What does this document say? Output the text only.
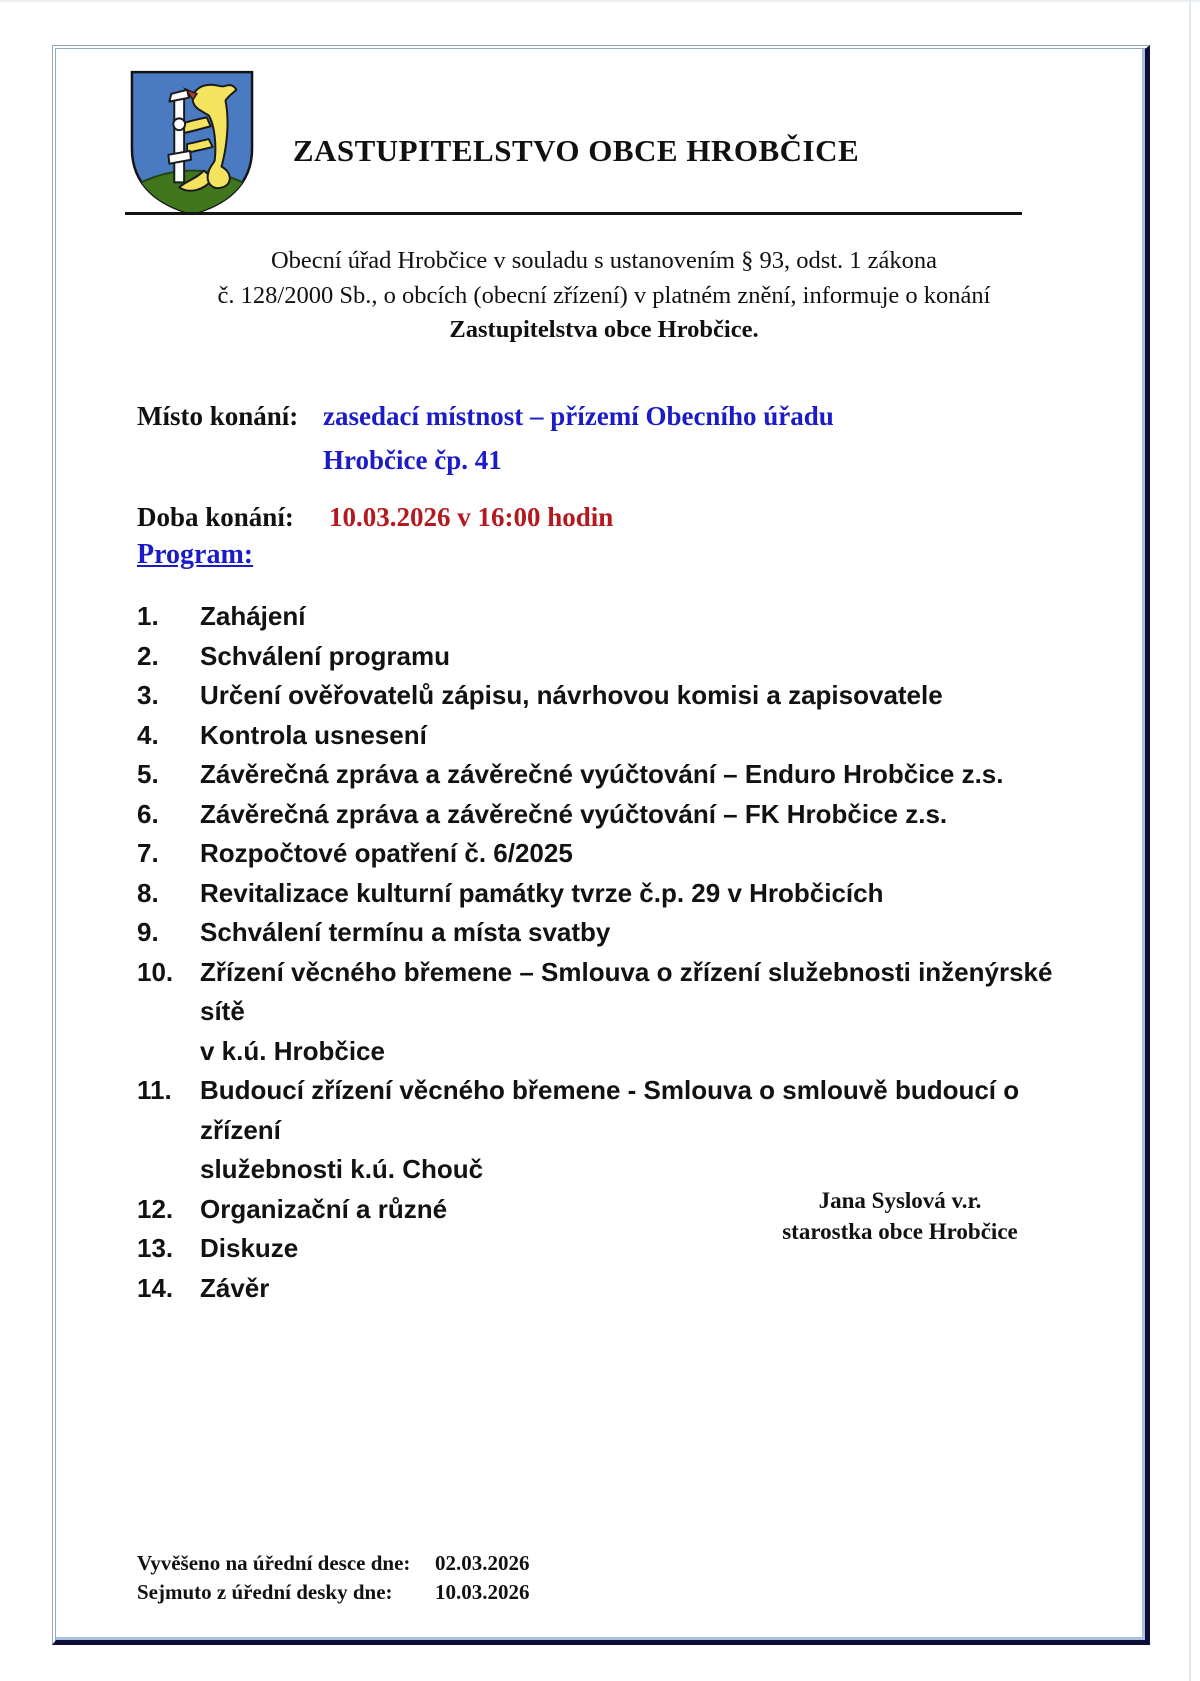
ZASTUPITELSTVO OBCE HROBČICE
Obecní úřad Hrobčice v souladu s ustanovením § 93, odst. 1 zákona
č. 128/2000 Sb., o obcích (obecní zřízení) v platném znění, informuje o konání
Zastupitelstva obce Hrobčice.
Místo konání: zasedací místnost – přízemí Obecního úřadu
Hrobčice čp. 41
Doba konání:	10.03.2026 v 16:00 hodin
Program:
1.	Zahájení
2.	Schválení programu
3.	Určení ověřovatelů zápisu, návrhovou komisi a zapisovatele
4.	Kontrola usnesení
5.	Závěrečná zpráva a závěrečné vyúčtování – Enduro Hrobčice z.s.
6.	Závěrečná zpráva a závěrečné vyúčtování – FK Hrobčice z.s.
7.	Rozpočtové opatření č. 6/2025
8.	Revitalizace kulturní památky tvrze č.p. 29 v Hrobčicích
9.	Schválení termínu a místa svatby
10.	Zřízení věcného břemene – Smlouva o zřízení služebnosti inženýrské sítě
v k.ú. Hrobčice
11.	Budoucí zřízení věcného břemene - Smlouva o smlouvě budoucí o zřízení
služebnosti k.ú. Chouč
12.	Organizační a různé
13.	Diskuze
14.	Závěr
Jana Syslová v.r.
starostka obce Hrobčice
Vyvěšeno na úřední desce dne:	02.03.2026
Sejmuto z úřední desky dne:	10.03.2026
